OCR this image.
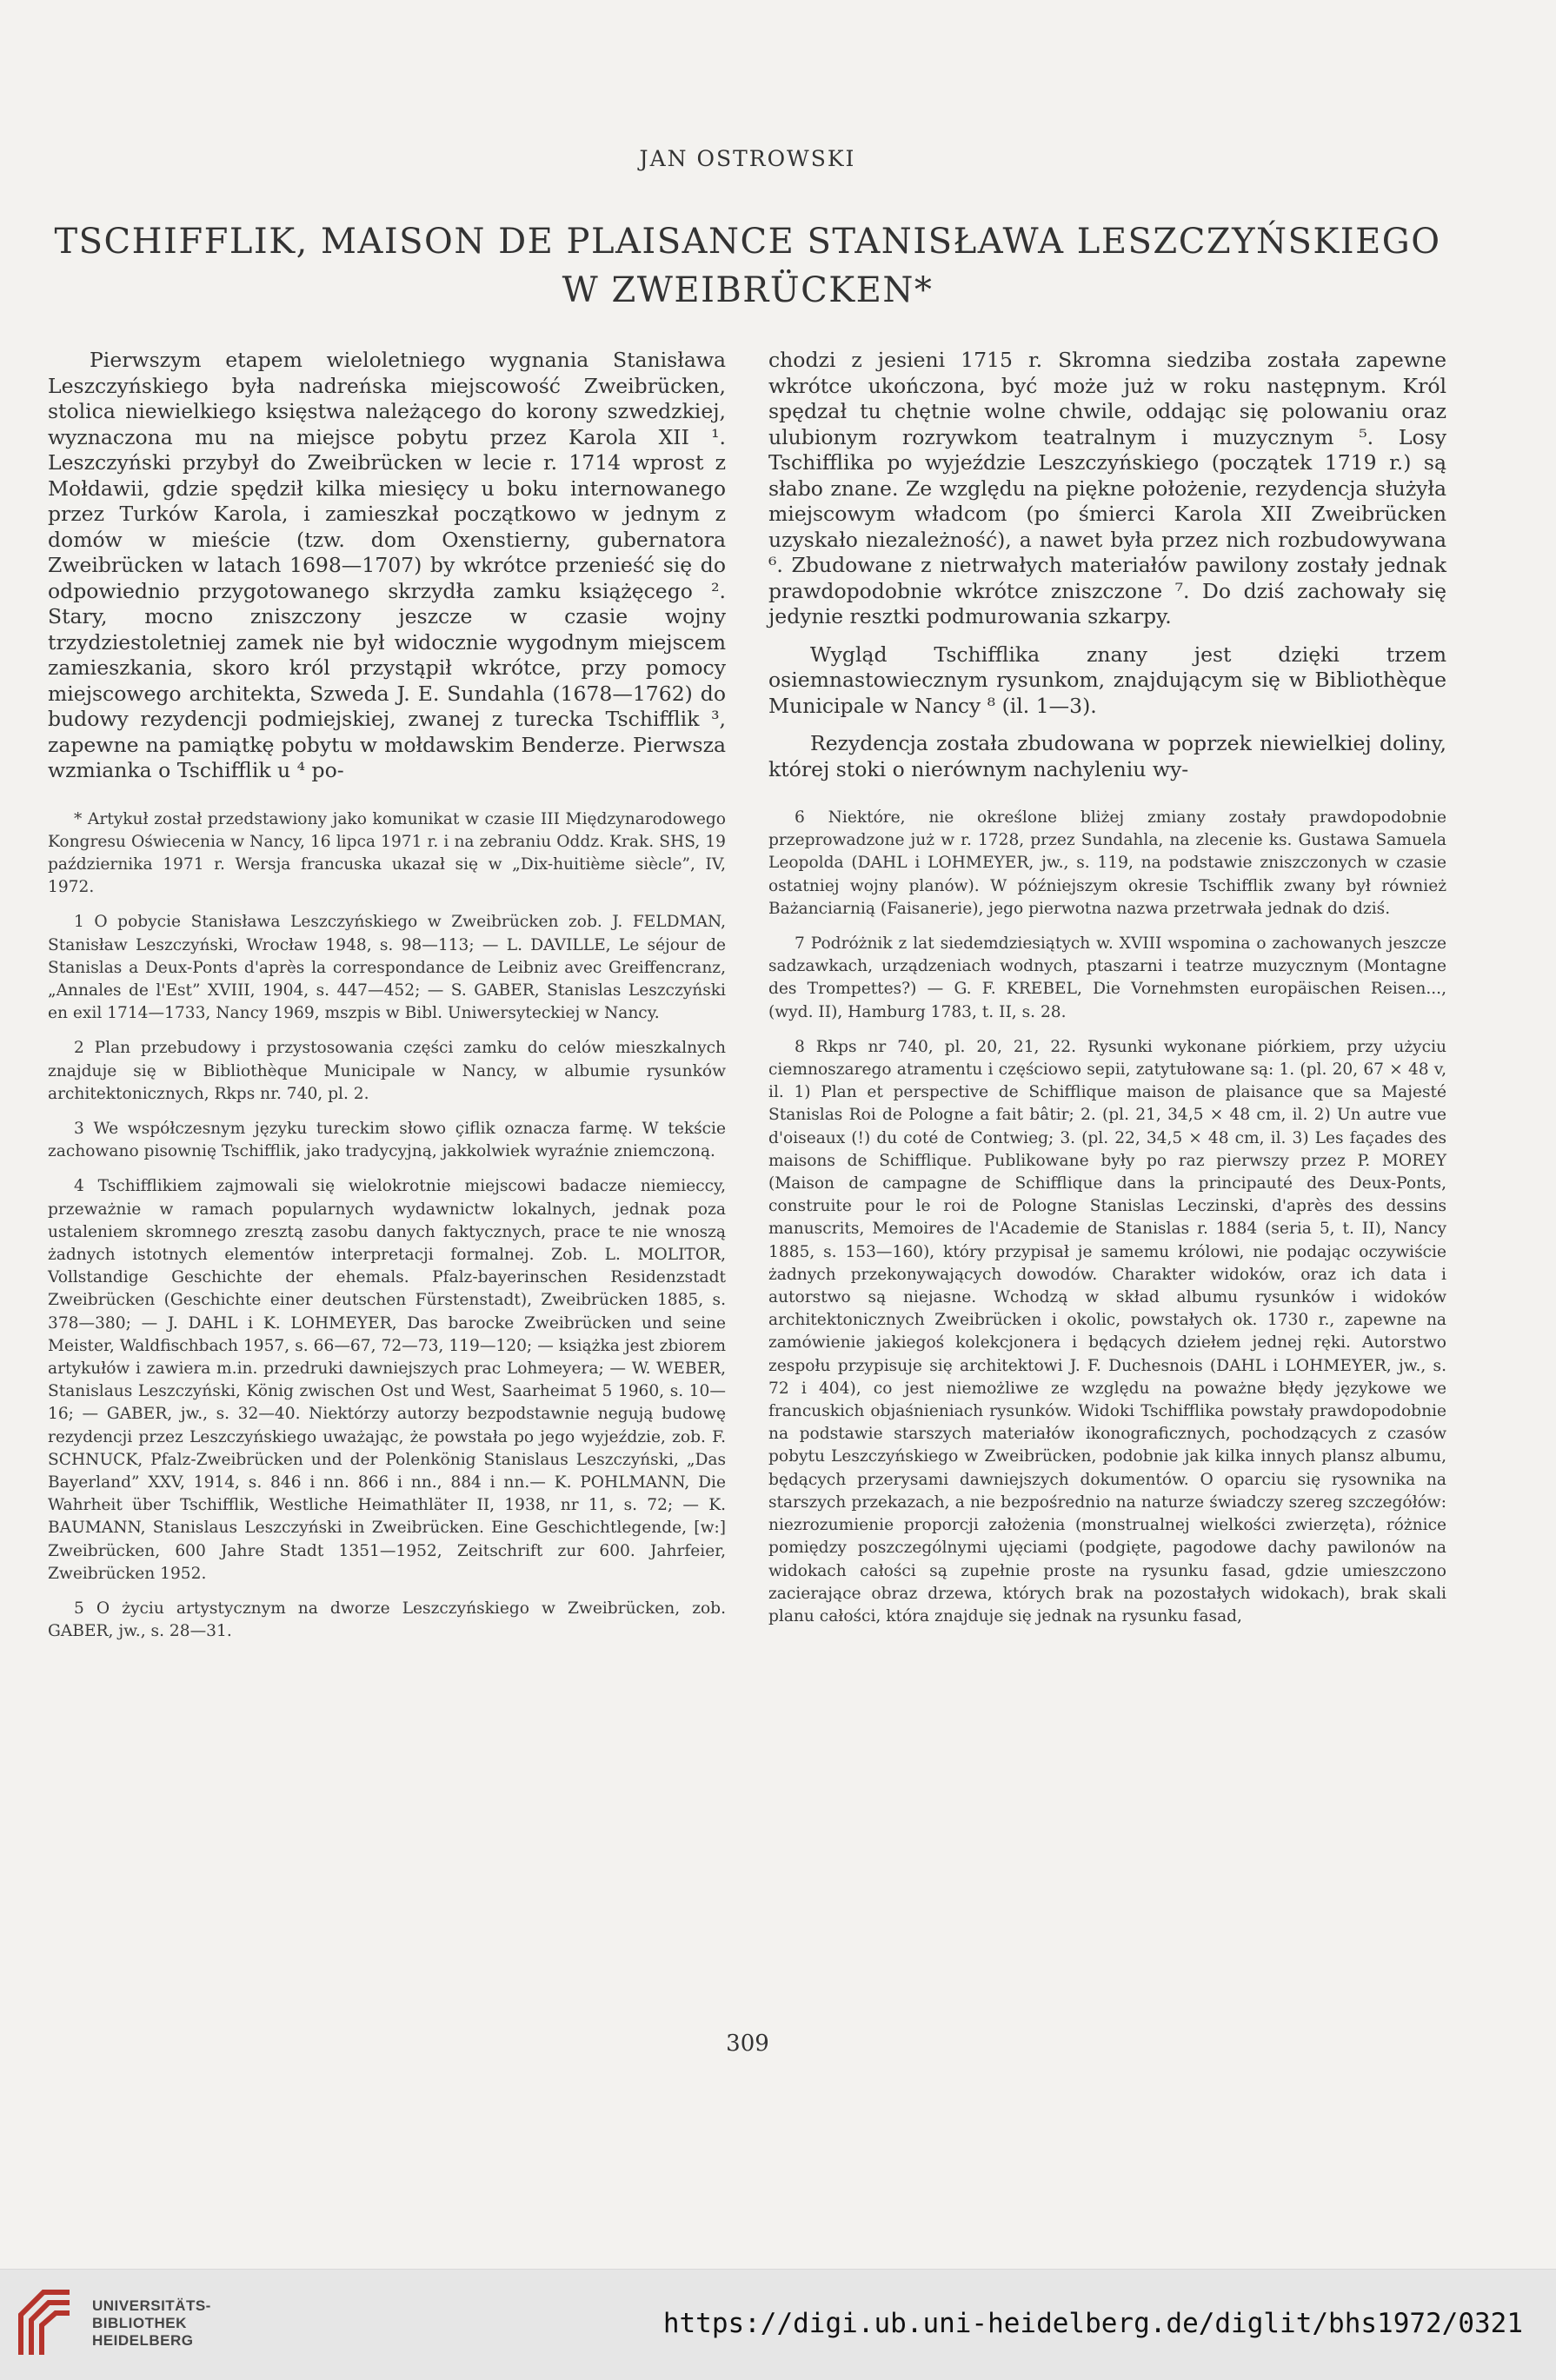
JAN OSTROWSKI
TSCHIFFLIK, MAISON DE PLAISANCE STANISŁAWA LESZCZYŃSKIEGO
W ZWEIBRÜCKEN*

Pierwszym etapem wieloletniego wygnania Stanisława Leszczyńskiego była nadreńska miejscowość Zweibrücken, stolica niewielkiego księstwa należącego do korony szwedzkiej, wyznaczona mu na miejsce pobytu przez Karola XII ¹. Leszczyński przybył do Zweibrücken w lecie r. 1714 wprost z Mołdawii, gdzie spędził kilka miesięcy u boku internowanego przez Turków Karola, i zamieszkał początkowo w jednym z domów w mieście (tzw. dom Oxenstierny, gubernatora Zweibrücken w latach 1698—1707) by wkrótce przenieść się do odpowiednio przygotowanego skrzydła zamku książęcego ². Stary, mocno zniszczony jeszcze w czasie wojny trzydziestoletniej zamek nie był widocznie wygodnym miejscem zamieszkania, skoro król przystąpił wkrótce, przy pomocy miejscowego architekta, Szweda J. E. Sundahla (1678—1762) do budowy rezydencji podmiejskiej, zwanej z turecka Tschifflik ³, zapewne na pamiątkę pobytu w mołdawskim Benderze. Pierwsza wzmianka o Tschifflik u ⁴ po-

* Artykuł został przedstawiony jako komunikat w czasie III Międzynarodowego Kongresu Oświecenia w Nancy, 16 lipca 1971 r. i na zebraniu Oddz. Krak. SHS, 19 października 1971 r. Wersja francuska ukazał się w „Dix-huitième siècle”, IV, 1972.

1 O pobycie Stanisława Leszczyńskiego w Zweibrücken zob. J. FELDMAN, Stanisław Leszczyński, Wrocław 1948, s. 98—113; — L. DAVILLE, Le séjour de Stanislas a Deux-Ponts d'après la correspondance de Leibniz avec Greiffencranz, „Annales de l'Est” XVIII, 1904, s. 447—452; — S. GABER, Stanislas Leszczyński en exil 1714—1733, Nancy 1969, mszpis w Bibl. Uniwersyteckiej w Nancy.

2 Plan przebudowy i przystosowania części zamku do celów mieszkalnych znajduje się w Bibliothèque Municipale w Nancy, w albumie rysunków architektonicznych, Rkps nr. 740, pl. 2.

3 We współczesnym języku tureckim słowo çiflik oznacza farmę. W tekście zachowano pisownię Tschifflik, jako tradycyjną, jakkolwiek wyraźnie zniemczoną.

4 Tschifflikiem zajmowali się wielokrotnie miejscowi badacze niemieccy, przeważnie w ramach popularnych wydawnictw lokalnych, jednak poza ustaleniem skromnego zresztą zasobu danych faktycznych, prace te nie wnoszą żadnych istotnych elementów interpretacji formalnej. Zob. L. MOLITOR, Vollstandige Geschichte der ehemals. Pfalz-bayerinschen Residenzstadt Zweibrücken (Geschichte einer deutschen Fürstenstadt), Zweibrücken 1885, s. 378—380; — J. DAHL i K. LOHMEYER, Das barocke Zweibrücken und seine Meister, Waldfischbach 1957, s. 66—67, 72—73, 119—120; — książka jest zbiorem artykułów i zawiera m.in. przedruki dawniejszych prac Lohmeyera; — W. WEBER, Stanislaus Leszczyński, König zwischen Ost und West, Saarheimat 5 1960, s. 10—16; — GABER, jw., s. 32—40. Niektórzy autorzy bezpodstawnie negują budowę rezydencji przez Leszczyńskiego uważając, że powstała po jego wyjeździe, zob. F. SCHNUCK, Pfalz-Zweibrücken und der Polenkönig Stanislaus Leszczyński, „Das Bayerland” XXV, 1914, s. 846 i nn. 866 i nn., 884 i nn.— K. POHLMANN, Die Wahrheit über Tschifflik, Westliche Heimathläter II, 1938, nr 11, s. 72; — K. BAUMANN, Stanislaus Leszczyński in Zweibrücken. Eine Geschichtlegende, [w:] Zweibrücken, 600 Jahre Stadt 1351—1952, Zeitschrift zur 600. Jahrfeier, Zweibrücken 1952.

5 O życiu artystycznym na dworze Leszczyńskiego w Zweibrücken, zob. GABER, jw., s. 28—31.

chodzi z jesieni 1715 r. Skromna siedziba została zapewne wkrótce ukończona, być może już w roku następnym. Król spędzał tu chętnie wolne chwile, oddając się polowaniu oraz ulubionym rozrywkom teatralnym i muzycznym ⁵. Losy Tschifflika po wyjeździe Leszczyńskiego (początek 1719 r.) są słabo znane. Ze względu na piękne położenie, rezydencja służyła miejscowym władcom (po śmierci Karola XII Zweibrücken uzyskało niezależność), a nawet była przez nich rozbudowywana ⁶. Zbudowane z nietrwałych materiałów pawilony zostały jednak prawdopodobnie wkrótce zniszczone ⁷. Do dziś zachowały się jedynie resztki podmurowania szkarpy.

Wygląd Tschifflika znany jest dzięki trzem osiemnastowiecznym rysunkom, znajdującym się w Bibliothèque Municipale w Nancy ⁸ (il. 1—3).

Rezydencja została zbudowana w poprzek niewielkiej doliny, której stoki o nierównym nachyleniu wy-

6 Niektóre, nie określone bliżej zmiany zostały prawdopodobnie przeprowadzone już w r. 1728, przez Sundahla, na zlecenie ks. Gustawa Samuela Leopolda (DAHL i LOHMEYER, jw., s. 119, na podstawie zniszczonych w czasie ostatniej wojny planów). W późniejszym okresie Tschifflik zwany był również Bażanciarnią (Faisanerie), jego pierwotna nazwa przetrwała jednak do dziś.

7 Podróżnik z lat siedemdziesiątych w. XVIII wspomina o zachowanych jeszcze sadzawkach, urządzeniach wodnych, ptaszarni i teatrze muzycznym (Montagne des Trompettes?) — G. F. KREBEL, Die Vornehmsten europäischen Reisen..., (wyd. II), Hamburg 1783, t. II, s. 28.

8 Rkps nr 740, pl. 20, 21, 22. Rysunki wykonane piórkiem, przy użyciu ciemnoszarego atramentu i częściowo sepii, zatytułowane są: 1. (pl. 20, 67 × 48 v, il. 1) Plan et perspective de Schifflique maison de plaisance que sa Majesté Stanislas Roi de Pologne a fait bâtir; 2. (pl. 21, 34,5 × 48 cm, il. 2) Un autre vue d'oiseaux (!) du coté de Contwieg; 3. (pl. 22, 34,5 × 48 cm, il. 3) Les façades des maisons de Schifflique. Publikowane były po raz pierwszy przez P. MOREY (Maison de campagne de Schifflique dans la principauté des Deux-Ponts, construite pour le roi de Pologne Stanislas Leczinski, d'après des dessins manuscrits, Memoires de l'Academie de Stanislas r. 1884 (seria 5, t. II), Nancy 1885, s. 153—160), który przypisał je samemu królowi, nie podając oczywiście żadnych przekonywających dowodów. Charakter widoków, oraz ich data i autorstwo są niejasne. Wchodzą w skład albumu rysunków i widoków architektonicznych Zweibrücken i okolic, powstałych ok. 1730 r., zapewne na zamówienie jakiegoś kolekcjonera i będących dziełem jednej ręki. Autorstwo zespołu przypisuje się architektowi J. F. Duchesnois (DAHL i LOHMEYER, jw., s. 72 i 404), co jest niemożliwe ze względu na poważne błędy językowe we francuskich objaśnieniach rysunków. Widoki Tschifflika powstały prawdopodobnie na podstawie starszych materiałów ikonograficznych, pochodzących z czasów pobytu Leszczyńskiego w Zweibrücken, podobnie jak kilka innych plansz albumu, będących przerysami dawniejszych dokumentów. O oparciu się rysownika na starszych przekazach, a nie bezpośrednio na naturze świadczy szereg szczegółów: niezrozumienie proporcji założenia (monstrualnej wielkości zwierzęta), różnice pomiędzy poszczególnymi ujęciami (podgięte, pagodowe dachy pawilonów na widokach całości są zupełnie proste na rysunku fasad, gdzie umieszczono zacierające obraz drzewa, których brak na pozostałych widokach), brak skali planu całości, która znajduje się jednak na rysunku fasad,

309
UNIVERSITÄTS-
BIBLIOTHEK
HEIDELBERG
https://digi.ub.uni-heidelberg.de/diglit/bhs1972/0321
